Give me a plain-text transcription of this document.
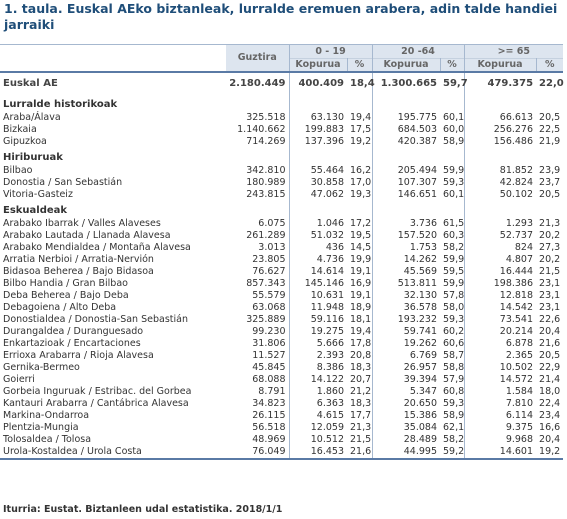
1. taula. Euskal AEko biztanleak, lurralde eremuen arabera, adin talde handiei jarraiki
	Guztira	0 - 19		20 -64		>= 65	
		Kopurua	%	Kopurua	%	Kopurua	%
Euskal AE	2.180.449	400.409	18,4	1.300.665	59,7	479.375	22,0
Lurralde historikoak							
Araba/Álava	325.518	63.130	19,4	195.775	60,1	66.613	20,5
Bizkaia	1.140.662	199.883	17,5	684.503	60,0	256.276	22,5
Gipuzkoa	714.269	137.396	19,2	420.387	58,9	156.486	21,9
Hiriburuak							
Bilbao	342.810	55.464	16,2	205.494	59,9	81.852	23,9
Donostia / San Sebastián	180.989	30.858	17,0	107.307	59,3	42.824	23,7
Vitoria-Gasteiz	243.815	47.062	19,3	146.651	60,1	50.102	20,5
Eskualdeak							
Arabako Ibarrak / Valles Alaveses	6.075	1.046	17,2	3.736	61,5	1.293	21,3
Arabako Lautada / Llanada Alavesa	261.289	51.032	19,5	157.520	60,3	52.737	20,2
Arabako Mendialdea / Montaña Alavesa	3.013	436	14,5	1.753	58,2	824	27,3
Arratia Nerbioi / Arratia-Nervión	23.805	4.736	19,9	14.262	59,9	4.807	20,2
Bidasoa Beherea / Bajo Bidasoa	76.627	14.614	19,1	45.569	59,5	16.444	21,5
Bilbo Handia / Gran Bilbao	857.343	145.146	16,9	513.811	59,9	198.386	23,1
Deba Beherea / Bajo Deba	55.579	10.631	19,1	32.130	57,8	12.818	23,1
Debagoiena / Alto Deba	63.068	11.948	18,9	36.578	58,0	14.542	23,1
Donostialdea / Donostia-San Sebastián	325.889	59.116	18,1	193.232	59,3	73.541	22,6
Durangaldea / Duranguesado	99.230	19.275	19,4	59.741	60,2	20.214	20,4
Enkartazioak / Encartaciones	31.806	5.666	17,8	19.262	60,6	6.878	21,6
Errioxa Arabarra / Rioja Alavesa	11.527	2.393	20,8	6.769	58,7	2.365	20,5
Gernika-Bermeo	45.845	8.386	18,3	26.957	58,8	10.502	22,9
Goierri	68.088	14.122	20,7	39.394	57,9	14.572	21,4
Gorbeia Inguruak / Estribac. del Gorbea	8.791	1.860	21,2	5.347	60,8	1.584	18,0
Kantauri Arabarra / Cantábrica Alavesa	34.823	6.363	18,3	20.650	59,3	7.810	22,4
Markina-Ondarroa	26.115	4.615	17,7	15.386	58,9	6.114	23,4
Plentzia-Mungia	56.518	12.059	21,3	35.084	62,1	9.375	16,6
Tolosaldea / Tolosa	48.969	10.512	21,5	28.489	58,2	9.968	20,4
Urola-Kostaldea / Urola Costa	76.049	16.453	21,6	44.995	59,2	14.601	19,2
Iturria: Eustat. Biztanleen udal estatistika. 2018/1/1
